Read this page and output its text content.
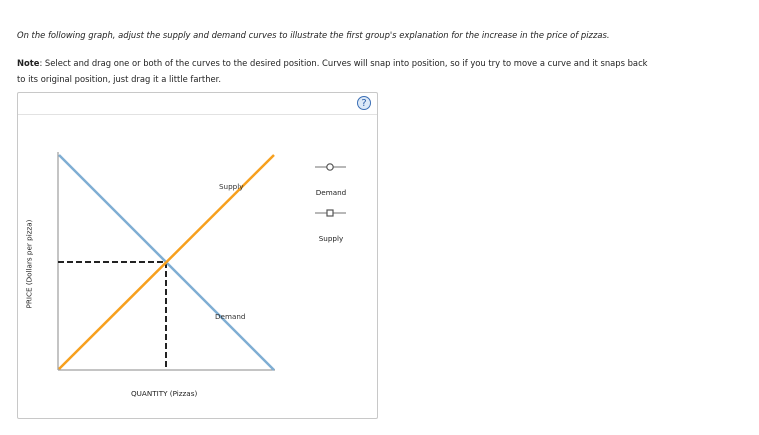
On the following graph, adjust the supply and demand curves to illustrate the first group's explanation for the increase in the price of pizzas.
Note: Select and drag one or both of the curves to the desired position. Curves will snap into position, so if you try to move a curve and it snaps back
to its original position, just drag it a little farther.
?
PRICE (Dollars per pizza)
QUANTITY (Pizzas)
Supply
Demand
Demand
Supply
